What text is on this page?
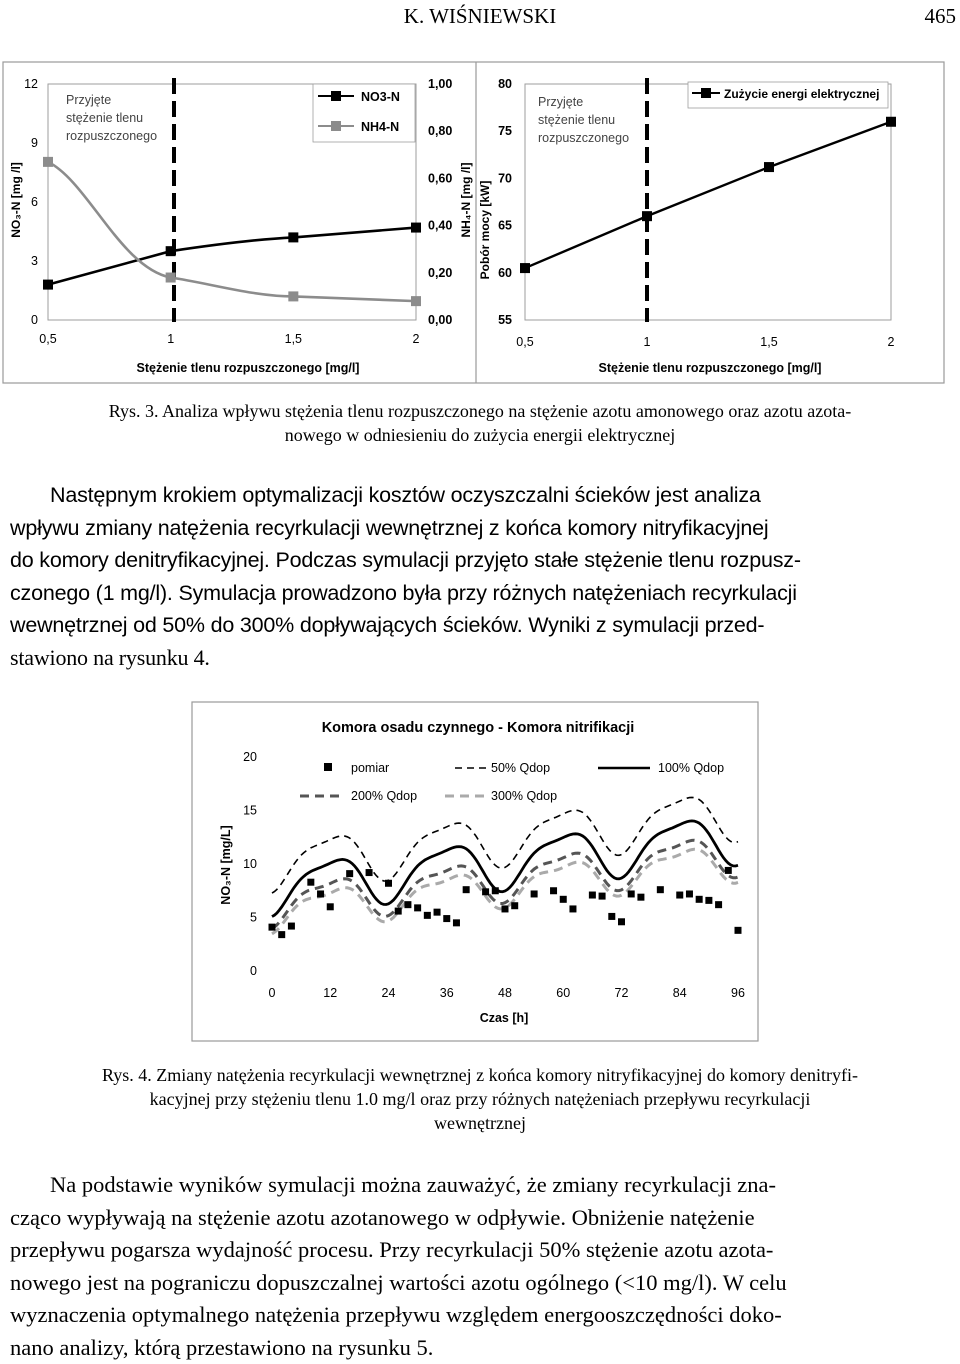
K. WIŚNIEWSKI	465
0,5	1	1,5	2
0
3
6
9
12
0,00
0,20
0,40
0,60
0,80
1,00
Przyjęte
stężenie tlenu
rozpuszczonego
NO3-N
NH4-N
NO₃-N [mg /l]	NH₄-N [mg /l]
Stężenie tlenu rozpuszczonego [mg/l]
0,5	1	1,5	2
55
60
65
70
75
80
Przyjęte
stężenie tlenu
rozpuszczonego
Zużycie energi elektrycznej
Pobór mocy [kW]
Stężenie tlenu rozpuszczonego [mg/l]
Rys. 3. Analiza wpływu stężenia tlenu rozpuszczonego na stężenie azotu amonowego oraz azotu azota-
nowego w odniesieniu do zużycia energii elektrycznej
Następnym krokiem optymalizacji kosztów oczyszczalni ścieków jest analiza
wpływu zmiany natężenia recyrkulacji wewnętrznej z końca komory nitryfikacyjnej
do komory denitryfikacyjnej. Podczas symulacji przyjęto stałe stężenie tlenu rozpusz-
czonego (1 mg/l). Symulacja prowadzono była przy różnych natężeniach recyrkulacji
wewnętrznej od 50% do 300% dopływających ścieków. Wyniki z symulacji przed-
stawiono na rysunku 4.
Komora osadu czynnego - Komora nitrifikacji
0	12	24	36	48	60	72	84	96
0
5
10
15
20
pomiar	50% Qdop	100% Qdop
200% Qdop	300% Qdop
NO₃-N [mg/L]
Czas [h]
Rys. 4. Zmiany natężenia recyrkulacji wewnętrznej z końca komory nitryfikacyjnej do komory denitryfi-
kacyjnej przy stężeniu tlenu 1.0 mg/l oraz przy różnych natężeniach przepływu recyrkulacji
wewnętrznej
Na podstawie wyników symulacji można zauważyć, że zmiany recyrkulacji zna-
cząco wypływają na stężenie azotu azotanowego w odpływie. Obniżenie natężenie
przepływu pogarsza wydajność procesu. Przy recyrkulacji 50% stężenie azotu azota-
nowego jest na pograniczu dopuszczalnej wartości azotu ogólnego (<10 mg/l). W celu
wyznaczenia optymalnego natężenia przepływu względem energooszczędności doko-
nano analizy, którą przestawiono na rysunku 5.
